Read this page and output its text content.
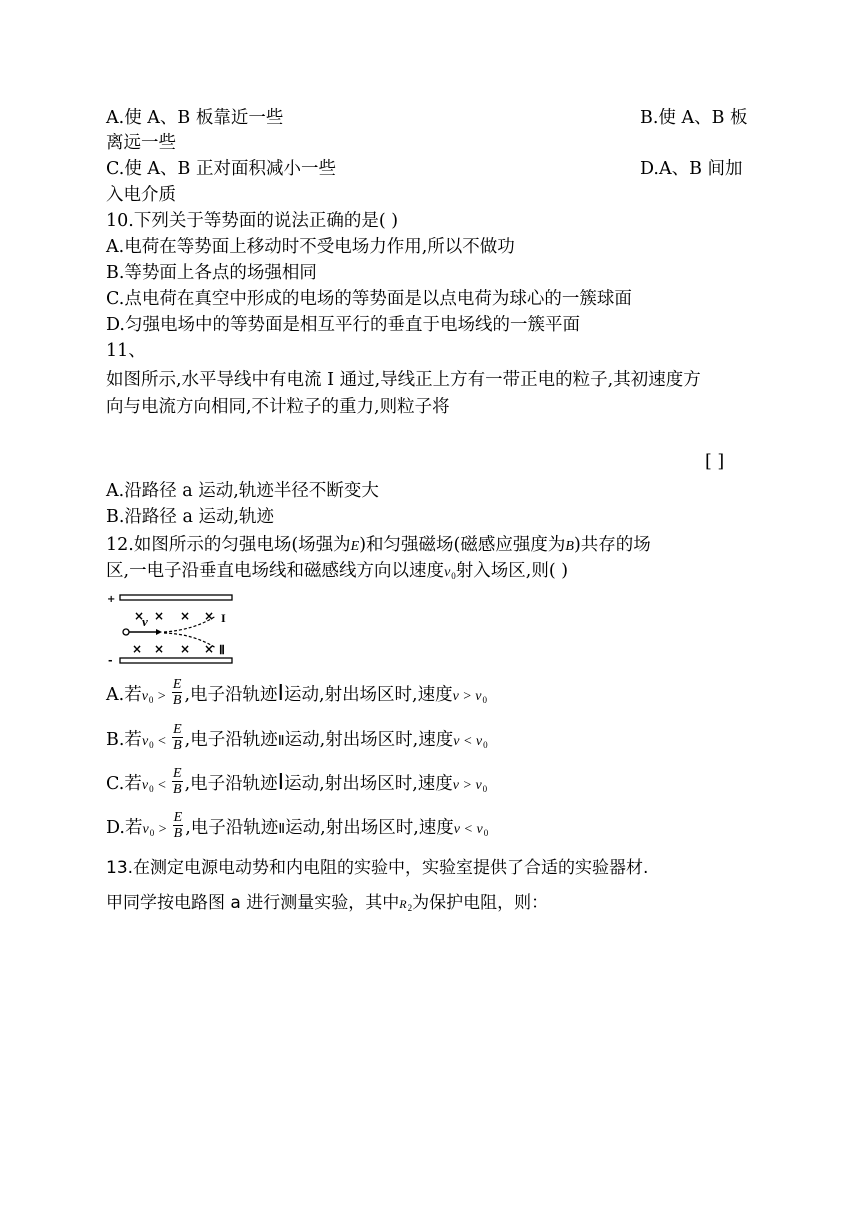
A.使 A、B 板靠近一些	B.使 A、B 板
离远一些
C.使 A、B 正对面积减小一些	D.A、B 间加
入电介质
10.下列关于等势面的说法正确的是( )
A.电荷在等势面上移动时不受电场力作用,所以不做功
B.等势面上各点的场强相同
C.点电荷在真空中形成的电场的等势面是以点电荷为球心的一簇球面
D.匀强电场中的等势面是相互平行的垂直于电场线的一簇平面
11、
如图所示,水平导线中有电流 I 通过,导线正上方有一带正电的粒子,其初速度方
向与电流方向相同,不计粒子的重力,则粒子将
[ ]
A.沿路径 a 运动,轨迹半径不断变大
B.沿路径 a 运动,轨迹
12.如图所示的匀强电场(场强为E)和匀强磁场(磁感应强度为B)共存的场
区,一电子沿垂直电场线和磁感线方向以速度$v_0$射入场区,则( )
+
-
× × × ×
× × × ×
v	I
Ⅱ
A.若$v_0 > \frac{E}{B}$ ,电子沿轨迹Ⅰ运动,射出场区时,速度$v > v_0$
B.若$v_0 < \frac{E}{B}$ ,电子沿轨迹Ⅱ运动,射出场区时,速度$v < v_0$
C.若$v_0 < \frac{E}{B}$ ,电子沿轨迹Ⅰ运动,射出场区时,速度$v > v_0$
D.若$v_0 > \frac{E}{B}$ ,电子沿轨迹Ⅱ运动,射出场区时,速度$v < v_0$
13.在测定电源电动势和内电阻的实验中，实验室提供了合适的实验器材.
甲同学按电路图 a 进行测量实验，其中$R_2$为保护电阻，则：
